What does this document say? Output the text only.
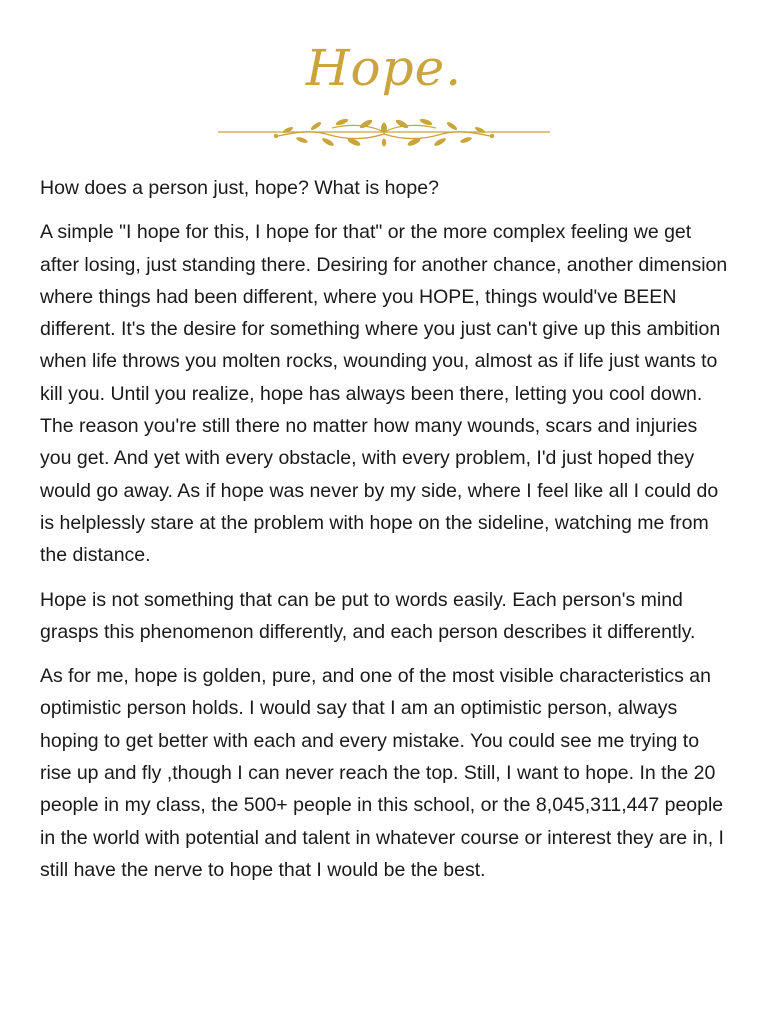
Hope.

How does a person just, hope? What is hope?

A simple "I hope for this, I hope for that" or the more complex feeling we get after losing, just standing there. Desiring for another chance, another dimension where things had been different, where you HOPE, things would've BEEN different. It's the desire for something where you just can't give up this ambition when life throws you molten rocks, wounding you, almost as if life just wants to kill you. Until you realize, hope has always been there, letting you cool down. The reason you're still there no matter how many wounds, scars and injuries you get. And yet with every obstacle, with every problem, I'd just hoped they would go away. As if hope was never by my side, where I feel like all I could do is helplessly stare at the problem with hope on the sideline, watching me from the distance.

Hope is not something that can be put to words easily. Each person's mind grasps this phenomenon differently, and each person describes it differently.

As for me, hope is golden, pure, and one of the most visible characteristics an optimistic person holds. I would say that I am an optimistic person, always hoping to get better with each and every mistake. You could see me trying to rise up and fly ,though I can never reach the top. Still, I want to hope. In the 20 people in my class, the 500+ people in this school, or the 8,045,311,447 people in the world with potential and talent in whatever course or interest they are in, I still have the nerve to hope that I would be the best.
